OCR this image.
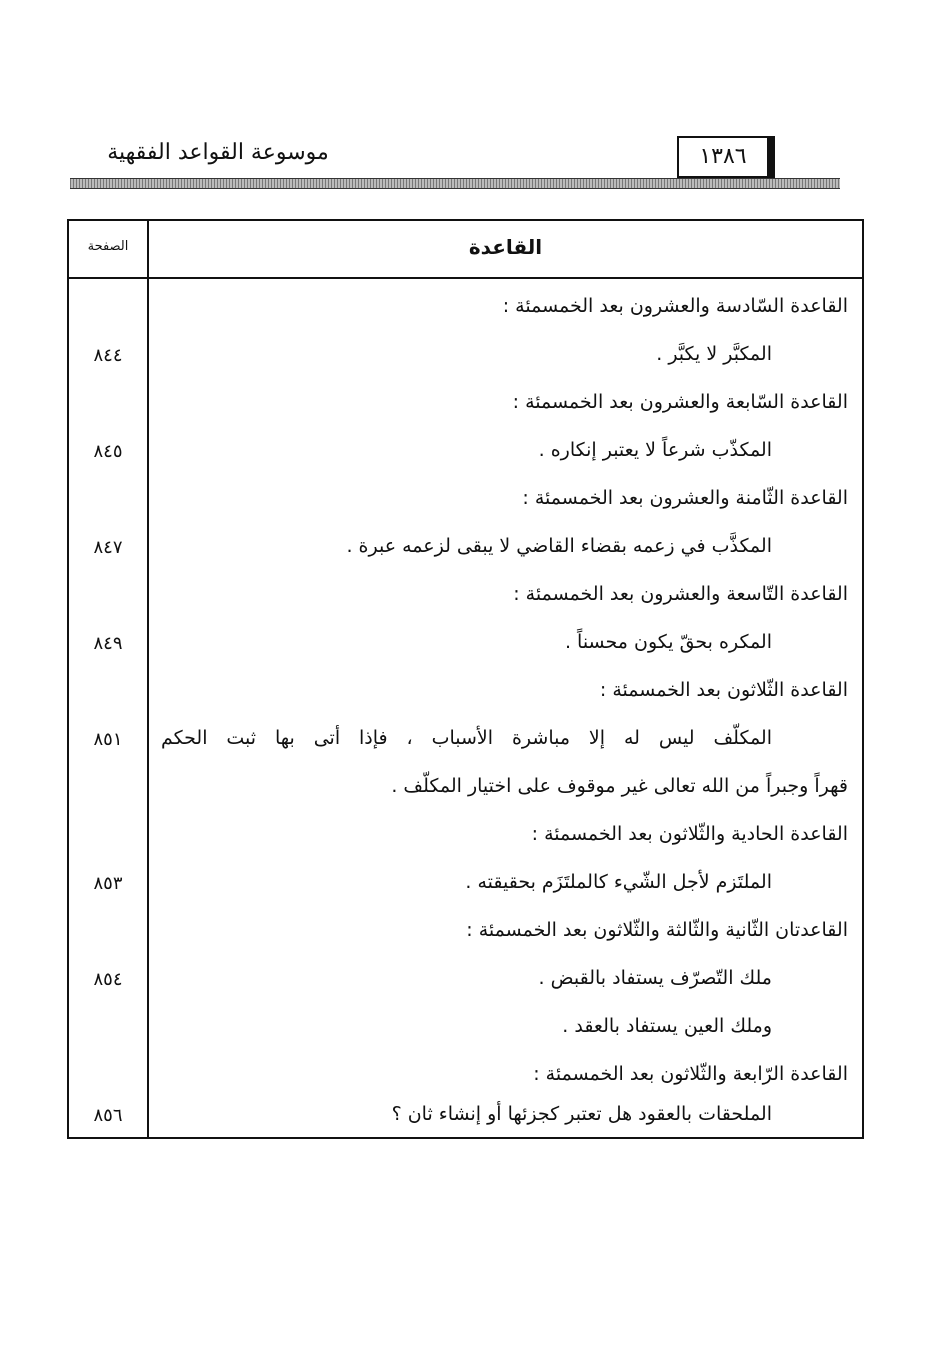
موسوعة القواعد الفقهية	١٣٨٦
الصفحة	القاعدة
القاعدة السّادسة والعشرون بعد الخمسمئة :
المكبَّر لا يكبَّر .
٨٤٤
القاعدة السّابعة والعشرون بعد الخمسمئة :
المكذّب شرعاً لا يعتبر إنكاره .
٨٤٥
القاعدة الثّامنة والعشرون بعد الخمسمئة :
المكذَّب في زعمه بقضاء القاضي لا يبقى لزعمه عبرة .
٨٤٧
القاعدة التّاسعة والعشرون بعد الخمسمئة :
المكره بحقّ يكون محسناً .
٨٤٩
القاعدة الثّلاثون بعد الخمسمئة :
المكلّف ليس له إلا مباشرة الأسباب ، فإذا أتى بها ثبت الحكم
٨٥١
قهراً وجبراً من الله تعالى غير موقوف على اختيار المكلّف .
القاعدة الحادية والثّلاثون بعد الخمسمئة :
الملتَزم لأجل الشّيء كالملتَزَم بحقيقته .
٨٥٣
القاعدتان الثّانية والثّالثة والثّلاثون بعد الخمسمئة :
ملك التّصرّف يستفاد بالقبض .
٨٥٤
وملك العين يستفاد بالعقد .
القاعدة الرّابعة والثّلاثون بعد الخمسمئة :
الملحقات بالعقود هل تعتبر كجزئها أو إنشاء ثان ؟
٨٥٦
